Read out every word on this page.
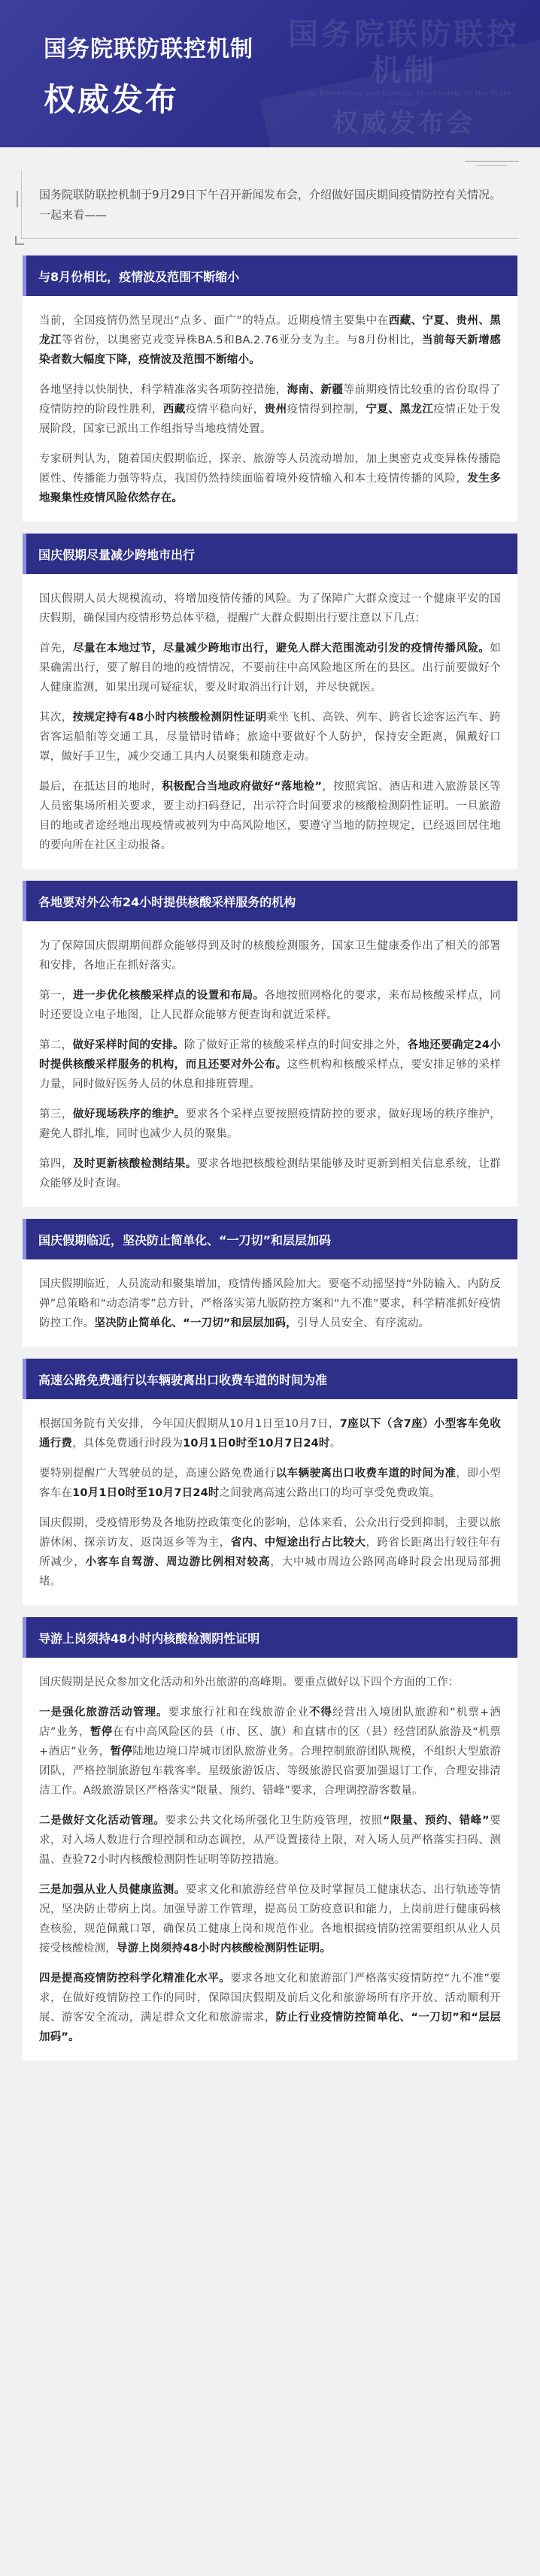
国务院联防联控机制
Joint Prevention and Control Mechanism of the State Council
权威发布会
国务院联防联控机制
权威发布

国务院联防联控机制于9月29日下午召开新闻发布会，介绍做好国庆期间疫情防控有关情况。一起来看——

与8月份相比，疫情波及范围不断缩小

当前，全国疫情仍然呈现出“点多、面广”的特点。近期疫情主要集中在西藏、宁夏、贵州、黑龙江等省份，以奥密克戎变异株BA.5和BA.2.76亚分支为主。与8月份相比，当前每天新增感染者数大幅度下降，疫情波及范围不断缩小。

各地坚持以快制快，科学精准落实各项防控措施，海南、新疆等前期疫情比较重的省份取得了疫情防控的阶段性胜利，西藏疫情平稳向好，贵州疫情得到控制，宁夏、黑龙江疫情正处于发展阶段，国家已派出工作组指导当地疫情处置。

专家研判认为，随着国庆假期临近，探亲、旅游等人员流动增加，加上奥密克戎变异株传播隐匿性、传播能力强等特点，我国仍然持续面临着境外疫情输入和本土疫情传播的风险，发生多地聚集性疫情风险依然存在。

国庆假期尽量减少跨地市出行

国庆假期人员大规模流动，将增加疫情传播的风险。为了保障广大群众度过一个健康平安的国庆假期，确保国内疫情形势总体平稳，提醒广大群众假期出行要注意以下几点：

首先，尽量在本地过节，尽量减少跨地市出行，避免人群大范围流动引发的疫情传播风险。如果确需出行，要了解目的地的疫情情况，不要前往中高风险地区所在的县区。出行前要做好个人健康监测，如果出现可疑症状，要及时取消出行计划，并尽快就医。

其次，按规定持有48小时内核酸检测阴性证明乘坐飞机、高铁、列车、跨省长途客运汽车、跨省客运船舶等交通工具，尽量错时错峰；旅途中要做好个人防护，保持安全距离，佩戴好口罩，做好手卫生，减少交通工具内人员聚集和随意走动。

最后，在抵达目的地时，积极配合当地政府做好“落地检”，按照宾馆、酒店和进入旅游景区等人员密集场所相关要求，要主动扫码登记，出示符合时间要求的核酸检测阴性证明。一旦旅游目的地或者途经地出现疫情或被列为中高风险地区，要遵守当地的防控规定，已经返回居住地的要向所在社区主动报备。

各地要对外公布24小时提供核酸采样服务的机构

为了保障国庆假期期间群众能够得到及时的核酸检测服务，国家卫生健康委作出了相关的部署和安排，各地正在抓好落实。

第一，进一步优化核酸采样点的设置和布局。各地按照网格化的要求，来布局核酸采样点，同时还要设立电子地图，让人民群众能够方便查询和就近采样。

第二，做好采样时间的安排。除了做好正常的核酸采样点的时间安排之外，各地还要确定24小时提供核酸采样服务的机构，而且还要对外公布。这些机构和核酸采样点，要安排足够的采样力量，同时做好医务人员的休息和排班管理。

第三，做好现场秩序的维护。要求各个采样点要按照疫情防控的要求，做好现场的秩序维护，避免人群扎堆，同时也减少人员的聚集。

第四，及时更新核酸检测结果。要求各地把核酸检测结果能够及时更新到相关信息系统，让群众能够及时查询。

国庆假期临近，坚决防止简单化、“一刀切”和层层加码

国庆假期临近，人员流动和聚集增加，疫情传播风险加大。要毫不动摇坚持“外防输入、内防反弹”总策略和“动态清零”总方针，严格落实第九版防控方案和“九不准”要求，科学精准抓好疫情防控工作。坚决防止简单化、“一刀切”和层层加码，引导人员安全、有序流动。

高速公路免费通行以车辆驶离出口收费车道的时间为准

根据国务院有关安排，今年国庆假期从10月1日至10月7日，7座以下（含7座）小型客车免收通行费，具体免费通行时段为10月1日0时至10月7日24时。

要特别提醒广大驾驶员的是，高速公路免费通行以车辆驶离出口收费车道的时间为准，即小型客车在10月1日0时至10月7日24时之间驶离高速公路出口的均可享受免费政策。

国庆假期，受疫情形势及各地防控政策变化的影响，总体来看，公众出行受到抑制，主要以旅游休闲、探亲访友、返岗返乡等为主，省内、中短途出行占比较大，跨省长距离出行较往年有所减少，小客车自驾游、周边游比例相对较高，大中城市周边公路网高峰时段会出现局部拥堵。

导游上岗须持48小时内核酸检测阴性证明

国庆假期是民众参加文化活动和外出旅游的高峰期。要重点做好以下四个方面的工作：

一是强化旅游活动管理。要求旅行社和在线旅游企业不得经营出入境团队旅游和“机票+酒店”业务，暂停在有中高风险区的县（市、区、旗）和直辖市的区（县）经营团队旅游及“机票+酒店”业务，暂停陆地边境口岸城市团队旅游业务。合理控制旅游团队规模，不组织大型旅游团队，严格控制旅游包车载客率。星级旅游饭店、等级旅游民宿要加强退订工作，合理安排清洁工作。A级旅游景区严格落实“限量、预约、错峰”要求，合理调控游客数量。

二是做好文化活动管理。要求公共文化场所强化卫生防疫管理，按照“限量、预约、错峰”要求，对入场人数进行合理控制和动态调控，从严设置接待上限，对入场人员严格落实扫码、测温、查验72小时内核酸检测阴性证明等防控措施。

三是加强从业人员健康监测。要求文化和旅游经营单位及时掌握员工健康状态、出行轨迹等情况，坚决防止带病上岗。加强导游工作管理，提高员工防疫意识和能力，上岗前进行健康码核查核验，规范佩戴口罩，确保员工健康上岗和规范作业。各地根据疫情防控需要组织从业人员接受核酸检测，导游上岗须持48小时内核酸检测阴性证明。

四是提高疫情防控科学化精准化水平。要求各地文化和旅游部门严格落实疫情防控“九不准”要求，在做好疫情防控工作的同时，保障国庆假期及前后文化和旅游场所有序开放、活动顺利开展、游客安全流动，满足群众文化和旅游需求，防止行业疫情防控简单化、“一刀切”和“层层加码”。
